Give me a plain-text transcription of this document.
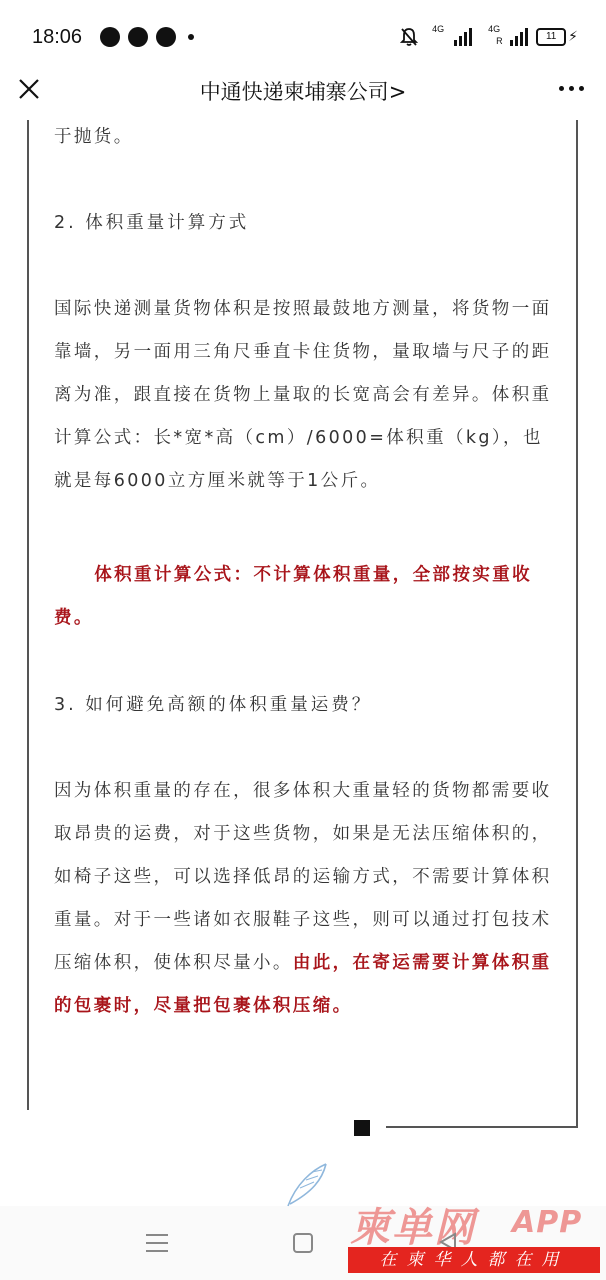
18:06	4G	4G
R	11 ⚡
中通快递柬埔寨公司>
于抛货。
2. 体积重量计算方式
国际快递测量货物体积是按照最鼓地方测量，将货物一面靠墙，另一面用三角尺垂直卡住货物，量取墙与尺子的距离为准，跟直接在货物上量取的长宽高会有差异。体积重计算公式：长*宽*高（cm）/6000=体积重（kg），也就是每6000立方厘米就等于1公斤。
体积重计算公式：不计算体积重量，全部按实重收费。
3. 如何避免高额的体积重量运费？
因为体积重量的存在，很多体积大重量轻的货物都需要收取昂贵的运费，对于这些货物，如果是无法压缩体积的，如椅子这些，可以选择低昂的运输方式，不需要计算体积重量。对于一些诸如衣服鞋子这些，则可以通过打包技术压缩体积，使体积尽量小。由此，在寄运需要计算体积重的包裹时，尽量把包裹体积压缩。
在柬华人都在用
